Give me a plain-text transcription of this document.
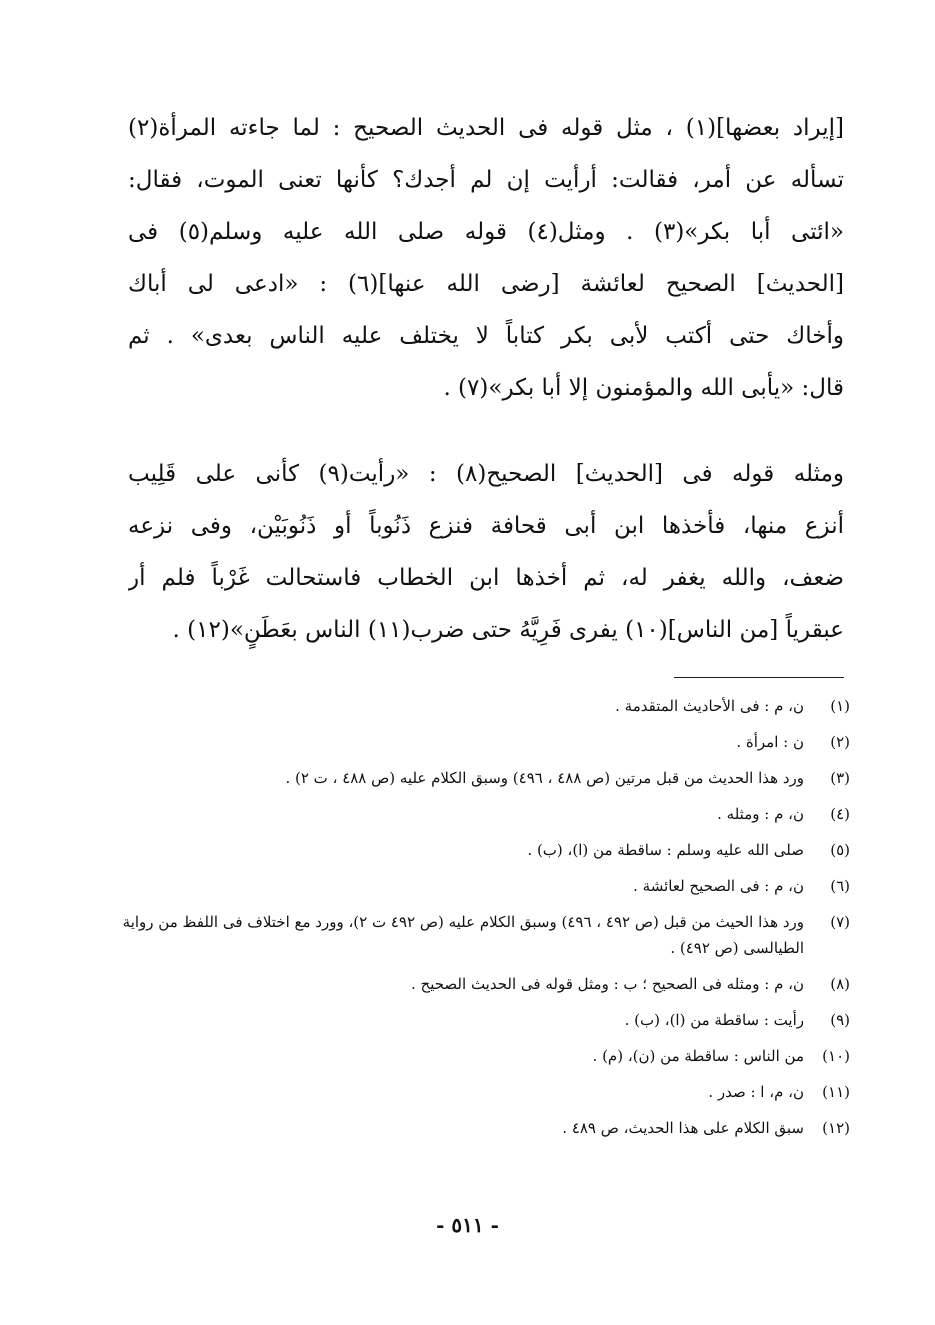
[إيراد بعضها](١) ، مثل قوله فى الحديث الصحيح : لما جاءته المرأة(٢)
تسأله عن أمر، فقالت: أرأيت إن لم أجدك؟ كأنها تعنى الموت، فقال:
«ائتى أبا بكر»(٣) . ومثل(٤) قوله صلى الله عليه وسلم(٥) فى
[الحديث] الصحيح لعائشة [رضى الله عنها](٦) : «ادعى لى أباك
وأخاك حتى أكتب لأبى بكر كتاباً لا يختلف عليه الناس بعدى» . ثم
قال: «يأبى الله والمؤمنون إلا أبا بكر»(٧) .
ومثله قوله فى [الحديث] الصحيح(٨) : «رأيت(٩) كأنى على قَلِيب
أنزع منها، فأخذها ابن أبى قحافة فنزع ذَنُوباً أو ذَنُوبَيْن، وفى نزعه
ضعف، والله يغفر له، ثم أخذها ابن الخطاب فاستحالت غَرْباً فلم أر
عبقرياً [من الناس](١٠) يفرى فَرِيَّهُ حتى ضرب(١١) الناس بعَطَنٍ»(١٢) .
(١)
ن، م : فى الأحاديث المتقدمة .
(٢)
ن : امرأة .
(٣)
ورد هذا الحديث من قبل مرتين (ص ٤٨٨ ، ٤٩٦) وسبق الكلام عليه (ص ٤٨٨ ، ت ٢) .
(٤)
ن، م : ومثله .
(٥)
صلى الله عليه وسلم : ساقطة من (ا)، (ب) .
(٦)
ن، م : فى الصحيح لعائشة .
(٧)
ورد هذا الحيث من قبل (ص ٤٩٢ ، ٤٩٦) وسبق الكلام عليه (ص ٤٩٢ ت ٢)، وورد مع اختلاف فى اللفظ من رواية الطيالسى (ص ٤٩٢) .
(٨)
ن، م : ومثله فى الصحيح ؛ ب : ومثل قوله فى الحديث الصحيح .
(٩)
رأيت : ساقطة من (ا)، (ب) .
(١٠)
من الناس : ساقطة من (ن)، (م) .
(١١)
ن، م، ا : صدر .
(١٢)
سبق الكلام على هذا الحديث، ص ٤٨٩ .
- ٥١١ -
